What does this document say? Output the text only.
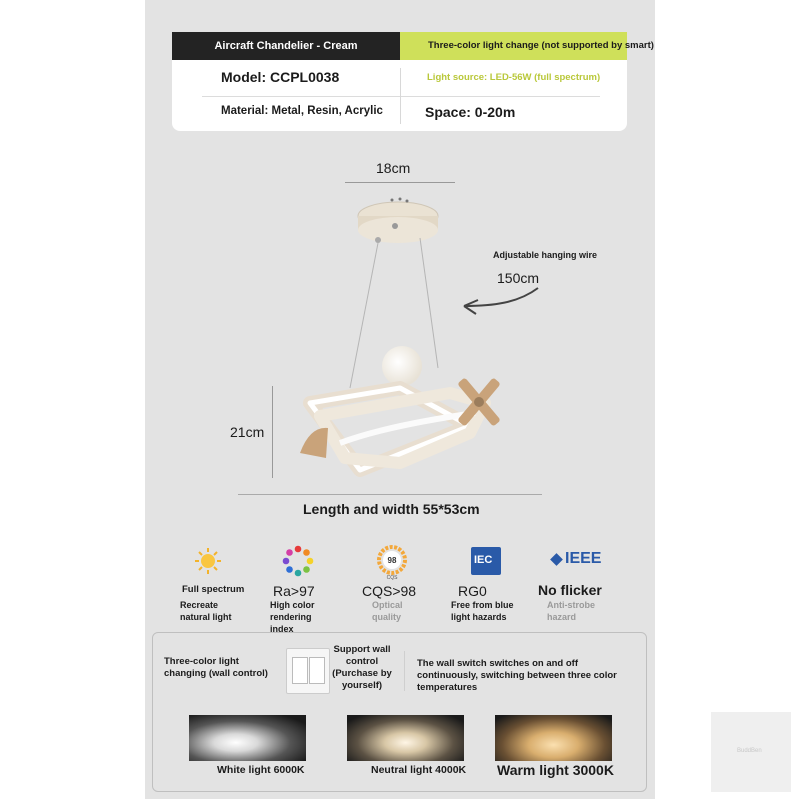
Aircraft Chandelier - Cream	Three-color light change (not supported by smart)
Model: CCPL0038
Material: Metal, Resin, Acrylic
Light source: LED-56W (full spectrum)
Space: 0-20m
18cm
Adjustable hanging wire
150cm
21cm
Length and width 55*53cm
Full spectrum
Recreate
natural light
Ra>97
High color
rendering
index
98
CQS
CQS>98
Optical
quality
IEC
RG0
Free from blue
light hazards
IEEE
No flicker
Anti-strobe
hazard
Three-color light
changing (wall control)
Support wall
control
(Purchase by
yourself)
The wall switch switches on and off continuously, switching between three color temperatures
White light 6000K	Neutral light 4000K Warm light 3000K
BuddBen
